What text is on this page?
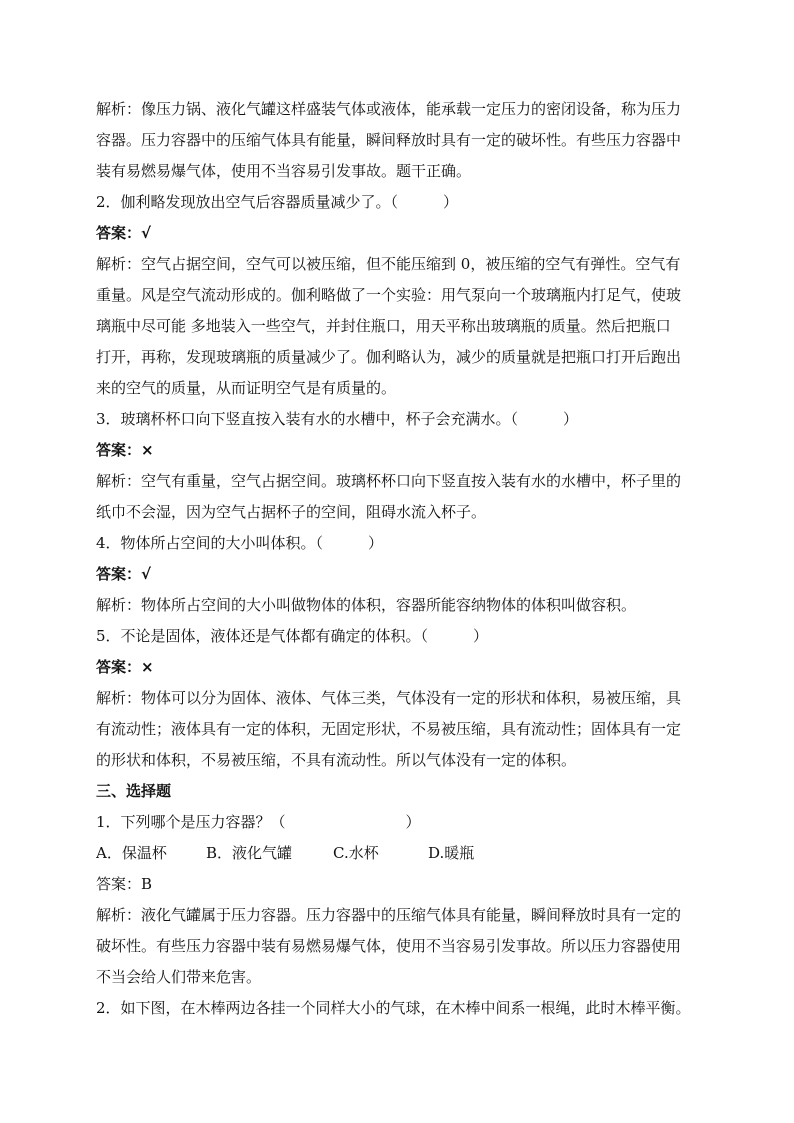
解析：像压力锅、液化气罐这样盛装气体或液体，能承载一定压力的密闭设备，称为压力
容器。压力容器中的压缩气体具有能量，瞬间释放时具有一定的破坏性。有些压力容器中
装有易燃易爆气体，使用不当容易引发事故。题干正确。
2．伽利略发现放出空气后容器质量减少了。（　　　）
答案：√
解析：空气占据空间，空气可以被压缩，但不能压缩到 0，被压缩的空气有弹性。空气有
重量。风是空气流动形成的。伽利略做了一个实验：用气泵向一个玻璃瓶内打足气，使玻
璃瓶中尽可能 多地装入一些空气，并封住瓶口，用天平称出玻璃瓶的质量。然后把瓶口
打开，再称，发现玻璃瓶的质量减少了。伽利略认为，减少的质量就是把瓶口打开后跑出
来的空气的质量，从而证明空气是有质量的。
3．玻璃杯杯口向下竖直按入装有水的水槽中，杯子会充满水。（　　　）
答案：×
解析：空气有重量，空气占据空间。玻璃杯杯口向下竖直按入装有水的水槽中，杯子里的
纸巾不会湿，因为空气占据杯子的空间，阻碍水流入杯子。
4．物体所占空间的大小叫体积。（　　　）
答案：√
解析：物体所占空间的大小叫做物体的体积，容器所能容纳物体的体积叫做容积。
5．不论是固体，液体还是气体都有确定的体积。（　　　）
答案：×
解析：物体可以分为固体、液体、气体三类，气体没有一定的形状和体积，易被压缩，具
有流动性；液体具有一定的体积，无固定形状，不易被压缩，具有流动性；固体具有一定
的形状和体积，不易被压缩，不具有流动性。所以气体没有一定的体积。
三、选择题
1．下列哪个是压力容器？（　　　　　　　　）
A．保温杯	B．液化气罐	C.水杯	D.暖瓶
答案：B
解析：液化气罐属于压力容器。压力容器中的压缩气体具有能量，瞬间释放时具有一定的
破坏性。有些压力容器中装有易燃易爆气体，使用不当容易引发事故。所以压力容器使用
不当会给人们带来危害。
2．如下图，在木棒两边各挂一个同样大小的气球，在木棒中间系一根绳，此时木棒平衡。
